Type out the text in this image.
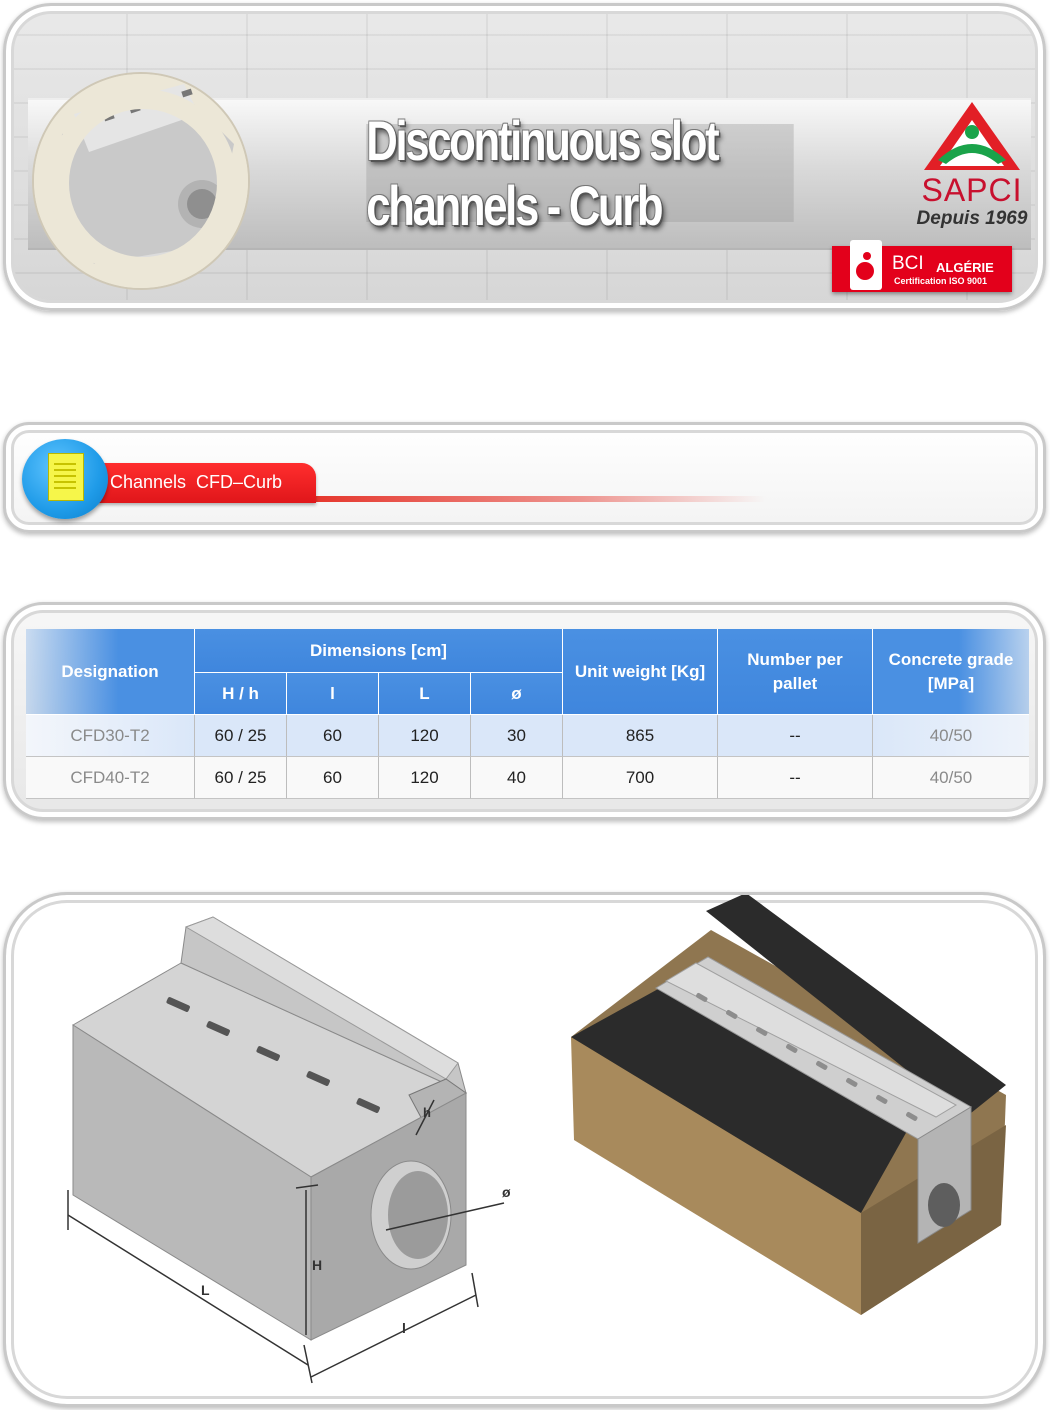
Discontinuous slot channels - Curb	SAPCI
Depuis 1969
BCI ALGÉRIE
Certification ISO 9001
Channels  CFD–Curb
Designation
Dimensions [cm]
H / h	l	L	ø
Unit weight [Kg]
Number per pallet
Concrete grade [MPa]
CFD30-T2	60 / 25	60	120	30	865	--	40/50
CFD40-T2	60 / 25	60	120	40	700	--	40/50
L
l
H
ø
h
